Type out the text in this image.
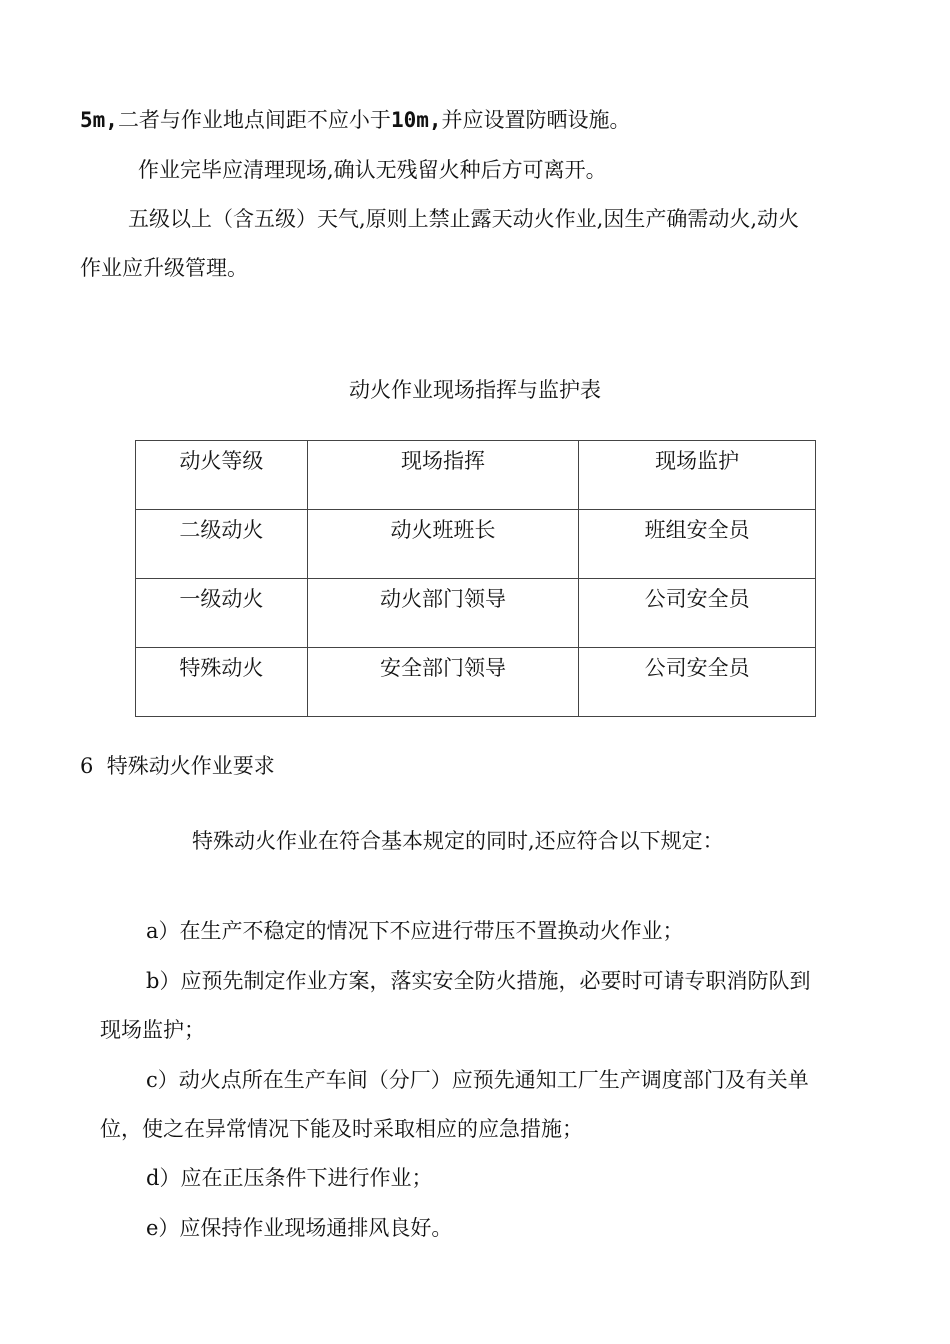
5m,二者与作业地点间距不应小于10m,并应设置防晒设施。
作业完毕应清理现场,确认无残留火种后方可离开。
五级以上（含五级）天气,原则上禁止露天动火作业,因生产确需动火,动火
作业应升级管理。
动火作业现场指挥与监护表
动火等级	现场指挥	现场监护
二级动火	动火班班长	班组安全员
一级动火	动火部门领导	公司安全员
特殊动火	安全部门领导	公司安全员
6  特殊动火作业要求
特殊动火作业在符合基本规定的同时,还应符合以下规定：
a）在生产不稳定的情况下不应进行带压不置换动火作业；
b）应预先制定作业方案，落实安全防火措施，必要时可请专职消防队到
现场监护；
c）动火点所在生产车间（分厂）应预先通知工厂生产调度部门及有关单
位，使之在异常情况下能及时采取相应的应急措施；
d）应在正压条件下进行作业；
e）应保持作业现场通排风良好。
